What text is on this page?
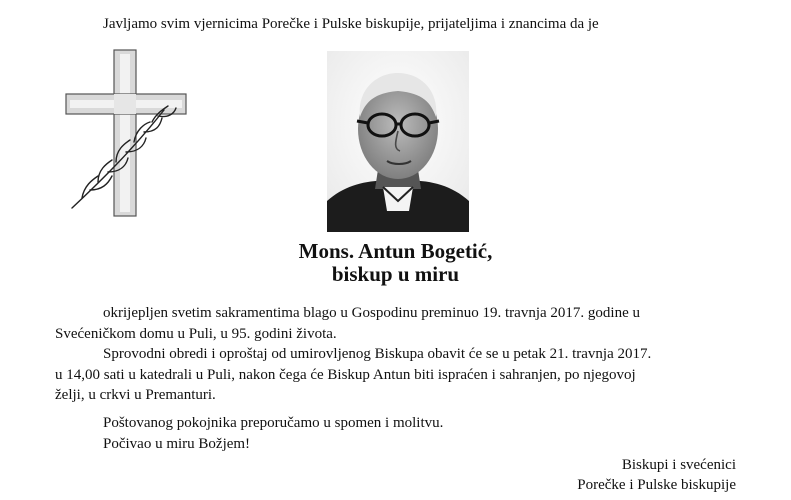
Javljamo svim vjernicima Porečke i Pulske biskupije, prijateljima i znancima da je
Mons. Antun Bogetić,
biskup u miru
okrijepljen svetim sakramentima blago u Gospodinu preminuo 19. travnja 2017. godine u
Svećeničkom domu u Puli, u 95. godini života.
Sprovodni obredi i oproštaj od umirovljenog Biskupa obavit će se u petak 21. travnja 2017.
u 14,00 sati u katedrali u Puli, nakon čega će Biskup Antun biti ispraćen i sahranjen, po njegovoj
želji, u crkvi u Premanturi.
Poštovanog pokojnika preporučamo u spomen i molitvu.
Počivao u miru Božjem!
Biskupi i svećenici
Porečke i Pulske biskupije
